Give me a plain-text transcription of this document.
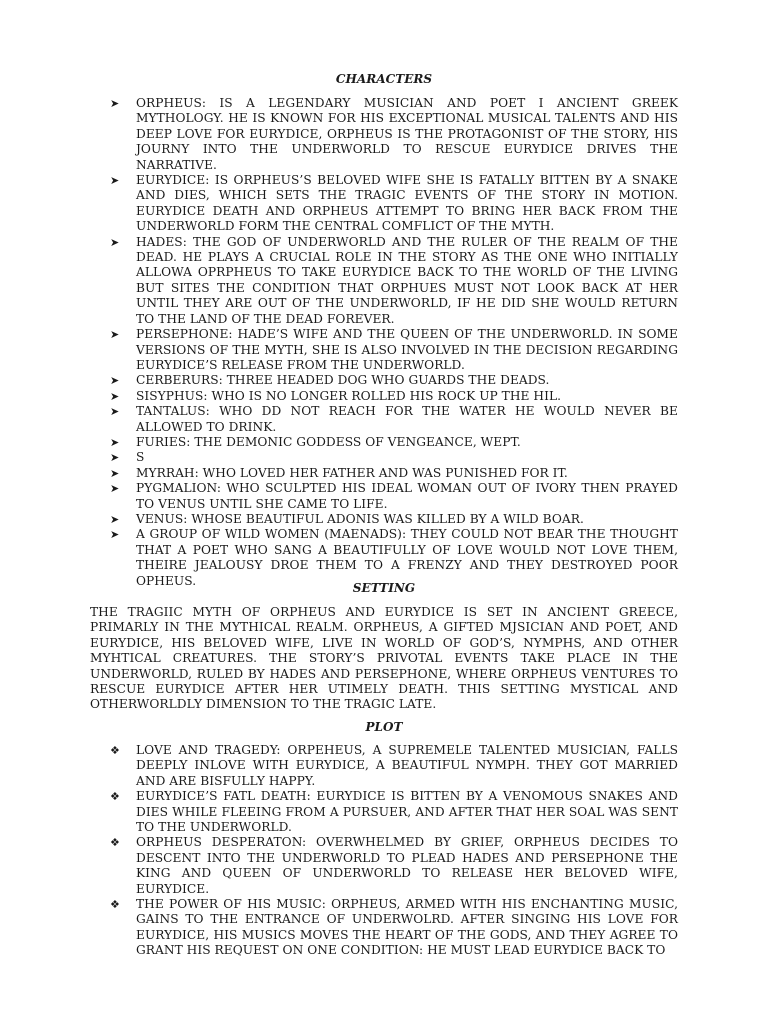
CHARACTERS
➤	ORPHEUS: IS A LEGENDARY MUSICIAN AND POET I ANCIENT GREEK MYTHOLOGY. HE IS KNOWN FOR HIS EXCEPTIONAL MUSICAL TALENTS AND HIS DEEP LOVE FOR EURYDICE, ORPHEUS IS THE PROTAGONIST OF THE STORY, HIS JOURNY INTO THE UNDERWORLD TO RESCUE EURYDICE DRIVES THE NARRATIVE.
➤	EURYDICE: IS ORPHEUS’S BELOVED WIFE SHE IS FATALLY BITTEN BY A SNAKE AND DIES, WHICH SETS THE TRAGIC EVENTS OF THE STORY IN MOTION. EURYDICE DEATH AND ORPHEUS ATTEMPT TO BRING HER BACK FROM THE UNDERWORLD FORM THE CENTRAL COMFLICT OF THE MYTH.
➤	HADES: THE GOD OF UNDERWORLD AND THE RULER OF THE REALM OF THE DEAD. HE PLAYS A CRUCIAL ROLE IN THE STORY AS THE ONE WHO INITIALLY ALLOWA OPRPHEUS TO TAKE EURYDICE BACK TO THE WORLD OF THE LIVING BUT SITES THE CONDITION THAT ORPHUES MUST NOT LOOK BACK AT HER UNTIL THEY ARE OUT OF THE UNDERWORLD, IF HE DID SHE WOULD RETURN TO THE LAND OF THE DEAD FOREVER.
➤	PERSEPHONE: HADE’S WIFE AND THE QUEEN OF THE UNDERWORLD. IN SOME VERSIONS OF THE MYTH, SHE IS ALSO INVOLVED IN THE DECISION REGARDING EURYDICE’S RELEASE FROM THE UNDERWORLD.
➤	CERBERURS: THREE HEADED DOG WHO GUARDS THE DEADS.
➤	SISYPHUS: WHO IS NO LONGER ROLLED HIS ROCK UP THE HIL.
➤	TANTALUS: WHO DD NOT REACH FOR THE WATER HE WOULD NEVER BE ALLOWED TO DRINK.
➤	FURIES: THE DEMONIC GODDESS OF VENGEANCE, WEPT.
➤	S
➤	MYRRAH: WHO LOVED HER FATHER AND WAS PUNISHED FOR IT.
➤	PYGMALION: WHO SCULPTED HIS IDEAL WOMAN OUT OF IVORY THEN PRAYED TO VENUS UNTIL SHE CAME TO LIFE.
➤	VENUS: WHOSE BEAUTIFUL ADONIS WAS KILLED BY A WILD BOAR.
➤	A GROUP OF WILD WOMEN (MAENADS): THEY COULD NOT BEAR THE THOUGHT THAT A POET WHO SANG A BEAUTIFULLY OF LOVE WOULD NOT LOVE THEM, THEIRE JEALOUSY DROE THEM TO A FRENZY AND THEY DESTROYED POOR OPHEUS.
SETTING

THE TRAGIIC MYTH OF ORPHEUS AND EURYDICE IS SET IN ANCIENT GREECE, PRIMARLY IN THE MYTHICAL REALM. ORPHEUS, A GIFTED MJSICIAN AND POET, AND EURYDICE, HIS BELOVED WIFE, LIVE IN WORLD OF GOD’S, NYMPHS, AND OTHER MYHTICAL CREATURES. THE STORY’S PRIVOTAL EVENTS TAKE PLACE IN THE UNDERWORLD, RULED BY HADES AND PERSEPHONE, WHERE ORPHEUS VENTURES TO RESCUE EURYDICE AFTER HER UTIMELY DEATH. THIS SETTING MYSTICAL AND OTHERWORLDLY DIMENSION TO THE TRAGIC LATE.

PLOT
❖	LOVE AND TRAGEDY: ORPEHEUS, A SUPREMELE TALENTED MUSICIAN, FALLS DEEPLY INLOVE WITH EURYDICE, A BEAUTIFUL NYMPH. THEY GOT MARRIED AND ARE BISFULLY HAPPY.
❖	EURYDICE’S FATL DEATH: EURYDICE IS BITTEN BY A VENOMOUS SNAKES AND DIES WHILE FLEEING FROM A PURSUER, AND AFTER THAT HER SOAL WAS SENT TO THE UNDERWORLD.
❖	ORPHEUS DESPERATON: OVERWHELMED BY GRIEF, ORPHEUS DECIDES TO DESCENT INTO THE UNDERWORLD TO PLEAD HADES AND PERSEPHONE THE KING AND QUEEN OF UNDERWORLD TO RELEASE HER BELOVED WIFE, EURYDICE.
❖	THE POWER OF HIS MUSIC: ORPHEUS, ARMED WITH HIS ENCHANTING MUSIC, GAINS TO THE ENTRANCE OF UNDERWOLRD. AFTER SINGING HIS LOVE FOR EURYDICE, HIS MUSICS MOVES THE HEART OF THE GODS, AND THEY AGREE TO GRANT HIS REQUEST ON ONE CONDITION: HE MUST LEAD EURYDICE BACK TO
